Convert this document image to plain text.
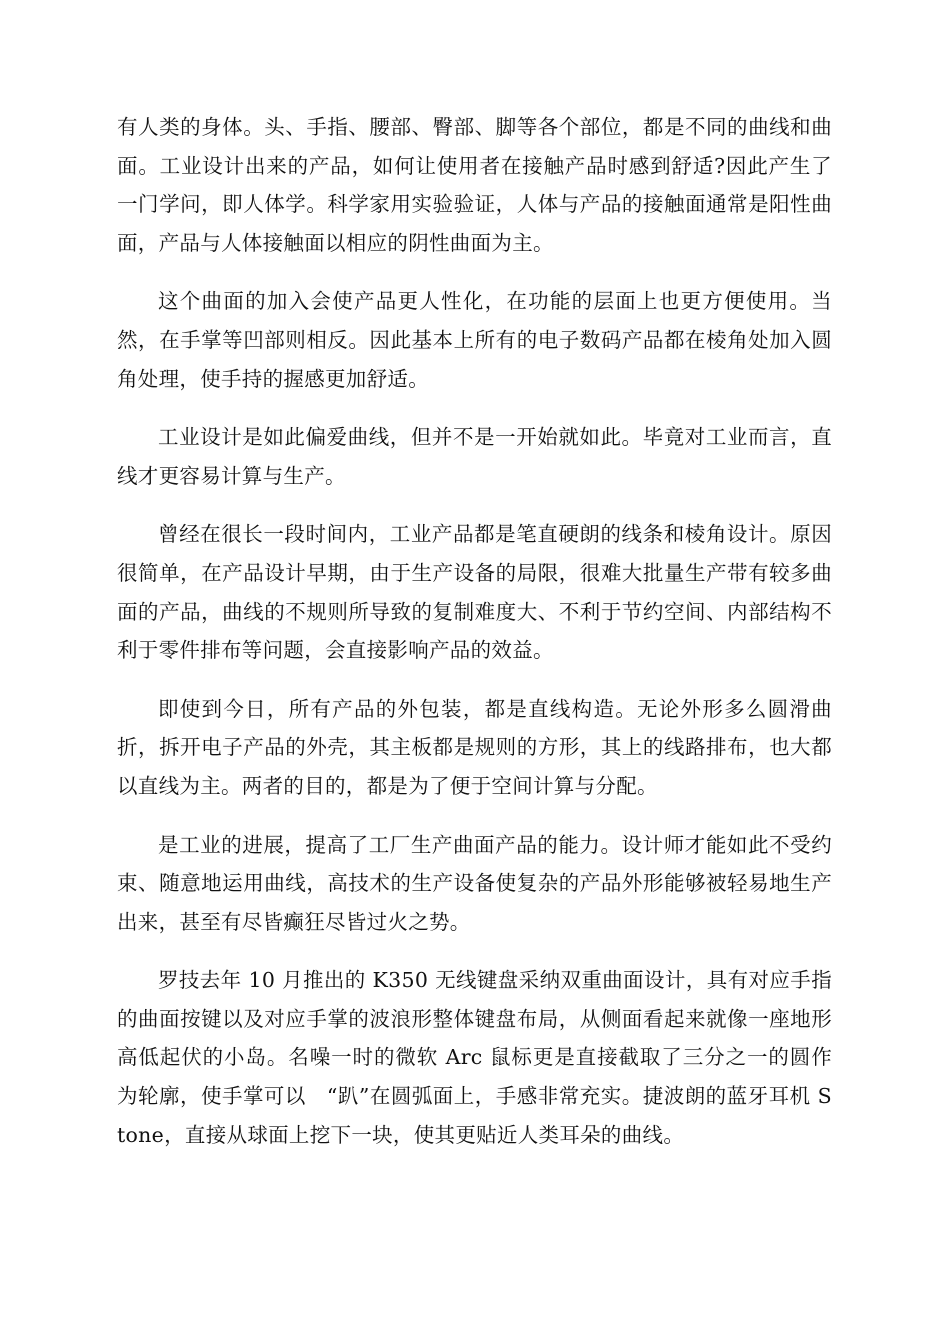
有人类的身体。头、手指、腰部、臀部、脚等各个部位，都是不同的曲线和曲面。工业设计出来的产品，如何让使用者在接触产品时感到舒适?因此产生了一门学问，即人体学。科学家用实验验证，人体与产品的接触面通常是阳性曲面，产品与人体接触面以相应的阴性曲面为主。

这个曲面的加入会使产品更人性化，在功能的层面上也更方便使用。当然，在手掌等凹部则相反。因此基本上所有的电子数码产品都在棱角处加入圆角处理，使手持的握感更加舒适。

工业设计是如此偏爱曲线，但并不是一开始就如此。毕竟对工业而言，直线才更容易计算与生产。

曾经在很长一段时间内，工业产品都是笔直硬朗的线条和棱角设计。原因很简单，在产品设计早期，由于生产设备的局限，很难大批量生产带有较多曲面的产品，曲线的不规则所导致的复制难度大、不利于节约空间、内部结构不利于零件排布等问题，会直接影响产品的效益。

即使到今日，所有产品的外包装，都是直线构造。无论外形多么圆滑曲折，拆开电子产品的外壳，其主板都是规则的方形，其上的线路排布，也大都以直线为主。两者的目的，都是为了便于空间计算与分配。

是工业的进展，提高了工厂生产曲面产品的能力。设计师才能如此不受约束、随意地运用曲线，高技术的生产设备使复杂的产品外形能够被轻易地生产出来，甚至有尽皆癫狂尽皆过火之势。

罗技去年 10 月推出的 K350 无线键盘采纳双重曲面设计，具有对应手指的曲面按键以及对应手掌的波浪形整体键盘布局，从侧面看起来就像一座地形高低起伏的小岛。名噪一时的微软 Arc 鼠标更是直接截取了三分之一的圆作为轮廓，使手掌可以　“趴”在圆弧面上，手感非常充实。捷波朗的蓝牙耳机 Stone，直接从球面上挖下一块，使其更贴近人类耳朵的曲线。
